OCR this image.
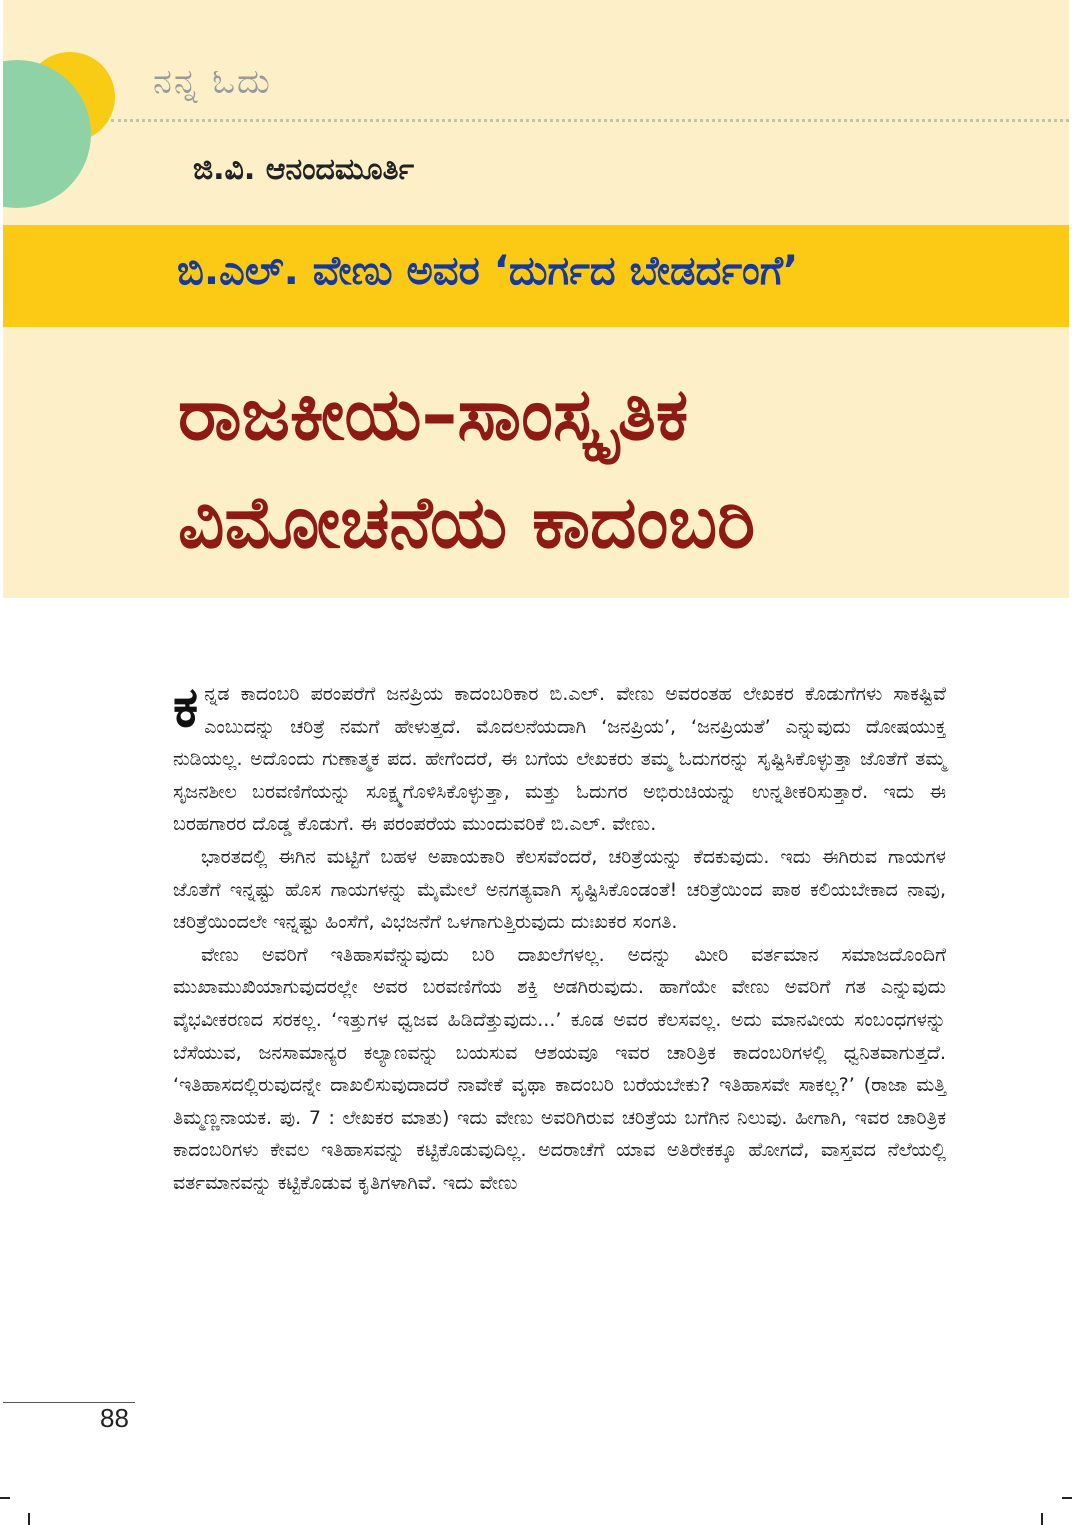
ನನ್ನ ಓದು
ಜಿ.ವಿ. ಆನಂದಮೂರ್ತಿ
ಬಿ.ಎಲ್. ವೇಣು ಅವರ ‘ದುರ್ಗದ ಬೇಡರ್ದಂಗೆ’
ರಾಜಕೀಯ–ಸಾಂಸ್ಕೃತಿಕ
ವಿಮೋಚನೆಯ ಕಾದಂಬರಿ

ಕನ್ನಡ ಕಾದಂಬರಿ ಪರಂಪರೆಗೆ ಜನಪ್ರಿಯ ಕಾದಂಬರಿಕಾರ ಬಿ.ಎಲ್. ವೇಣು ಅವರಂತಹ ಲೇಖಕರ ಕೊಡುಗೆಗಳು ಸಾಕಷ್ಟಿವೆ ಎಂಬುದನ್ನು ಚರಿತ್ರೆ ನಮಗೆ ಹೇಳುತ್ತದೆ. ಮೊದಲನೆಯದಾಗಿ ‘ಜನಪ್ರಿಯ’, ‘ಜನಪ್ರಿಯತೆ’ ಎನ್ನುವುದು ದೋಷಯುಕ್ತ ನುಡಿಯಲ್ಲ. ಅದೊಂದು ಗುಣಾತ್ಮಕ ಪದ. ಹೇಗೆಂದರೆ, ಈ ಬಗೆಯ ಲೇಖಕರು ತಮ್ಮ ಓದುಗರನ್ನು ಸೃಷ್ಟಿಸಿಕೊಳ್ಳುತ್ತಾ ಜೊತೆಗೆ ತಮ್ಮ ಸೃಜನಶೀಲ ಬರವಣಿಗೆಯನ್ನು ಸೂಕ್ಷ್ಮಗೊಳಿಸಿಕೊಳ್ಳುತ್ತಾ, ಮತ್ತು ಓದುಗರ ಅಭಿರುಚಿಯನ್ನು ಉನ್ನತೀಕರಿಸುತ್ತಾರೆ. ಇದು ಈ ಬರಹಗಾರರ ದೊಡ್ಡ ಕೊಡುಗೆ. ಈ ಪರಂಪರೆಯ ಮುಂದುವರಿಕೆ ಬಿ.ಎಲ್. ವೇಣು.

ಭಾರತದಲ್ಲಿ ಈಗಿನ ಮಟ್ಟಿಗೆ ಬಹಳ ಅಪಾಯಕಾರಿ ಕೆಲಸವೆಂದರೆ, ಚರಿತ್ರೆಯನ್ನು ಕೆದಕುವುದು. ಇದು ಈಗಿರುವ ಗಾಯಗಳ ಜೊತೆಗೆ ಇನ್ನಷ್ಟು ಹೊಸ ಗಾಯಗಳನ್ನು ಮೈಮೇಲೆ ಅನಗತ್ಯವಾಗಿ ಸೃಷ್ಟಿಸಿಕೊಂಡಂತೆ! ಚರಿತ್ರೆಯಿಂದ ಪಾಠ ಕಲಿಯಬೇಕಾದ ನಾವು, ಚರಿತ್ರೆಯಿಂದಲೇ ಇನ್ನಷ್ಟು ಹಿಂಸೆಗೆ, ವಿಭಜನೆಗೆ ಒಳಗಾಗುತ್ತಿರುವುದು ದುಃಖಕರ ಸಂಗತಿ.

ವೇಣು ಅವರಿಗೆ ಇತಿಹಾಸವೆನ್ನುವುದು ಬರಿ ದಾಖಲೆಗಳಲ್ಲ. ಅದನ್ನು ಮೀರಿ ವರ್ತಮಾನ ಸಮಾಜದೊಂದಿಗೆ ಮುಖಾಮುಖಿಯಾಗುವುದರಲ್ಲೇ ಅವರ ಬರವಣಿಗೆಯ ಶಕ್ತಿ ಅಡಗಿರುವುದು. ಹಾಗೆಯೇ ವೇಣು ಅವರಿಗೆ ಗತ ಎನ್ನುವುದು ವೈಭವೀಕರಣದ ಸರಕಲ್ಲ. ‘ಇತ್ತುಗಳ ಧ್ವಜವ ಹಿಡಿದೆತ್ತುವುದು...’ ಕೂಡ ಅವರ ಕೆಲಸವಲ್ಲ. ಅದು ಮಾನವೀಯ ಸಂಬಂಧಗಳನ್ನು ಬೆಸೆಯುವ, ಜನಸಾಮಾನ್ಯರ ಕಲ್ಯಾಣವನ್ನು ಬಯಸುವ ಆಶಯವೂ ಇವರ ಚಾರಿತ್ರಿಕ ಕಾದಂಬರಿಗಳಲ್ಲಿ ಧ್ವನಿತವಾಗುತ್ತದೆ. ‘ಇತಿಹಾಸದಲ್ಲಿರುವುದನ್ನೇ ದಾಖಲಿಸುವುದಾದರೆ ನಾವೇಕೆ ವೃಥಾ ಕಾದಂಬರಿ ಬರೆಯಬೇಕು? ಇತಿಹಾಸವೇ ಸಾಕಲ್ಲ?’ (ರಾಜಾ ಮತ್ತಿ ತಿಮ್ಮಣ್ಣನಾಯಕ. ಪು. 7 : ಲೇಖಕರ ಮಾತು) ಇದು ವೇಣು ಅವರಿಗಿರುವ ಚರಿತ್ರೆಯ ಬಗೆಗಿನ ನಿಲುವು. ಹೀಗಾಗಿ, ಇವರ ಚಾರಿತ್ರಿಕ ಕಾದಂಬರಿಗಳು ಕೇವಲ ಇತಿಹಾಸವನ್ನು ಕಟ್ಟಿಕೊಡುವುದಿಲ್ಲ. ಅದರಾಚೆಗೆ ಯಾವ ಅತಿರೇಕಕ್ಕೂ ಹೋಗದೆ, ವಾಸ್ತವದ ನೆಲೆಯಲ್ಲಿ ವರ್ತಮಾನವನ್ನು ಕಟ್ಟಿಕೊಡುವ ಕೃತಿಗಳಾಗಿವೆ. ಇದು ವೇಣು

88
